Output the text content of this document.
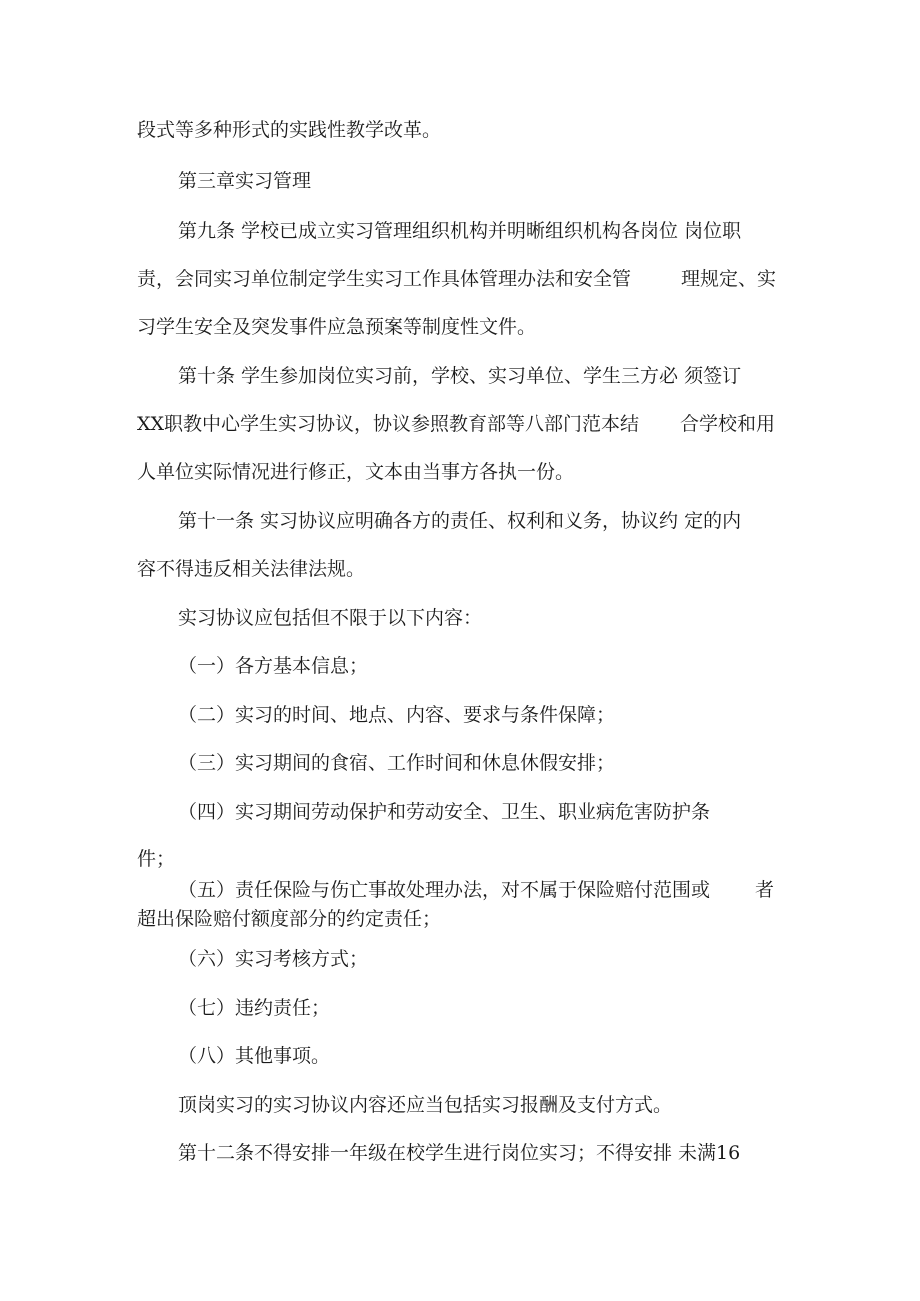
段式等多种形式的实践性教学改革。

第三章实习管理

第九条 学校已成立实习管理组织机构并明晰组织机构各岗位 岗位职

责，会同实习单位制定学生实习工作具体管理办法和安全管	理规定、实

习学生安全及突发事件应急预案等制度性文件。

第十条 学生参加岗位实习前，学校、实习单位、学生三方必 须签订

XX职教中心学生实习协议，协议参照教育部等八部门范本结 合学校和用

人单位实际情况进行修正，文本由当事方各执一份。

第十一条 实习协议应明确各方的责任、权利和义务，协议约 定的内

容不得违反相关法律法规。

实习协议应包括但不限于以下内容：

（一）各方基本信息；

（二）实习的时间、地点、内容、要求与条件保障；

（三）实习期间的食宿、工作时间和休息休假安排；

（四）实习期间劳动保护和劳动安全、卫生、职业病危害防护条

件；

（五）责任保险与伤亡事故处理办法，对不属于保险赔付范围或 者

超出保险赔付额度部分的约定责任；

（六）实习考核方式；

（七）违约责任；

（八）其他事项。

顶岗实习的实习协议内容还应当包括实习报酬及支付方式。

第十二条不得安排一年级在校学生进行岗位实习；不得安排 未满16
